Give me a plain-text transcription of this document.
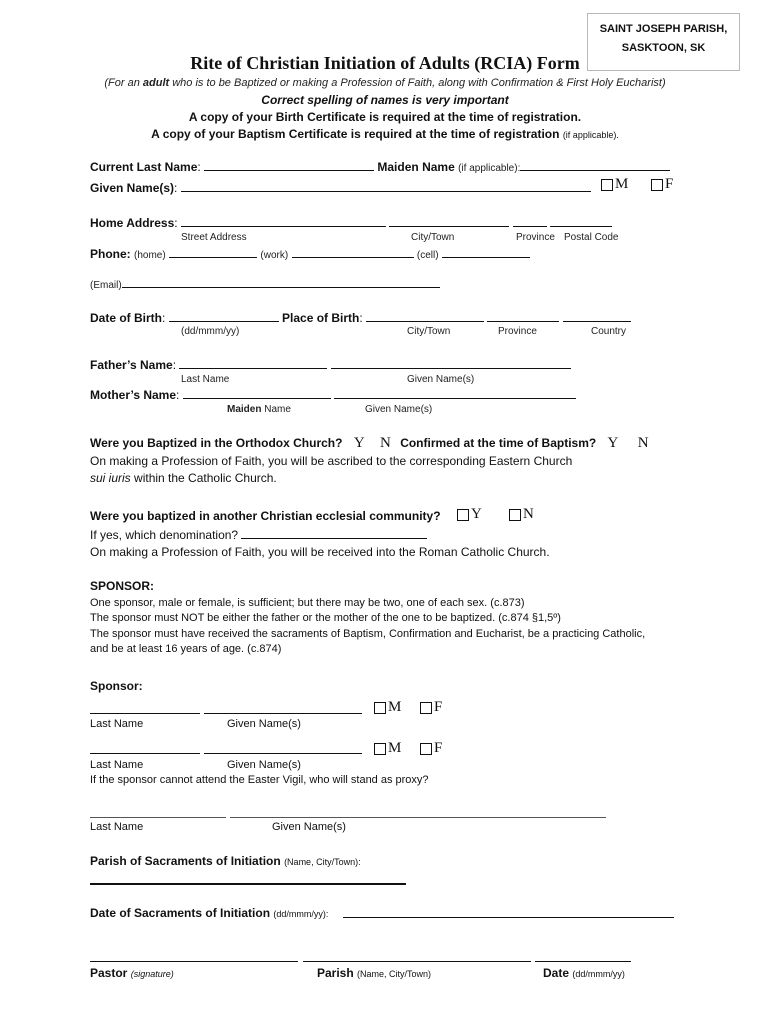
SAINT JOSEPH PARISH,
SASKTOON, SK
Rite of Christian Initiation of Adults (RCIA) Form
(For an adult who is to be Baptized or making a Profession of Faith, along with Confirmation & First Holy Eucharist)
Correct spelling of names is very important
A copy of your Birth Certificate is required at the time of registration.
A copy of your Baptism Certificate is required at the time of registration (if applicable).
Current Last Name:	Maiden Name (if applicable):
Given Name(s):	M	F
Home Address:
Street Address	City/Town	Province Postal Code
Phone: (home)	(work)	(cell)
(Email)
Date of Birth:	Place of Birth:
(dd/mmm/yy)	City/Town	Province	Country
Father’s Name:
Last Name	Given Name(s)
Mother’s Name:
Maiden Name	Given Name(s)
Were you Baptized in the Orthodox Church? Y N Confirmed at the time of Baptism? Y N
On making a Profession of Faith, you will be ascribed to the corresponding Eastern Church
sui iuris within the Catholic Church.
Were you baptized in another Christian ecclesial community?	Y	N
If yes, which denomination?
On making a Profession of Faith, you will be received into the Roman Catholic Church.
SPONSOR:
One sponsor, male or female, is sufficient; but there may be two, one of each sex. (c.873)
The sponsor must NOT be either the father or the mother of the one to be baptized. (c.874 §1,5º)
The sponsor must have received the sacraments of Baptism, Confirmation and Eucharist, be a practicing Catholic,
and be at least 16 years of age. (c.874)
Sponsor:
M	F
Last Name	Given Name(s)
M	F
Last Name	Given Name(s)
If the sponsor cannot attend the Easter Vigil, who will stand as proxy?
Last Name	Given Name(s)
Parish of Sacraments of Initiation (Name, City/Town):
Date of Sacraments of Initiation (dd/mmm/yy):
Pastor (signature)	Parish (Name, City/Town)	Date (dd/mmm/yy)
